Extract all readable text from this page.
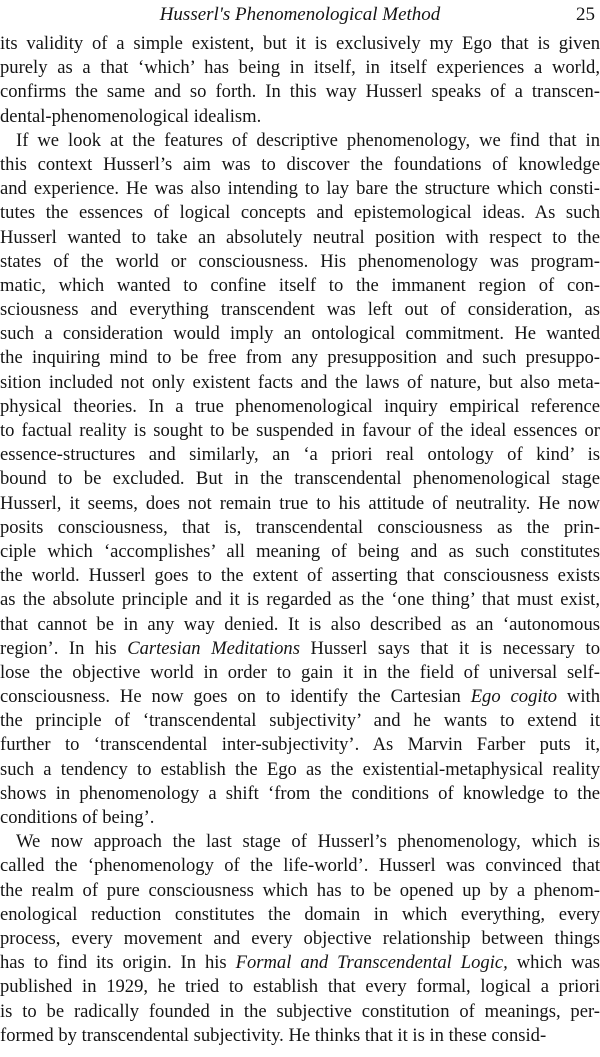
Husserl's Phenomenological Method	25
its validity of a simple existent, but it is exclusively my Ego that is given
purely as a that ‘which’ has being in itself, in itself experiences a world,
confirms the same and so forth. In this way Husserl speaks of a transcen-
dental-phenomenological idealism.
If we look at the features of descriptive phenomenology, we find that in
this context Husserl’s aim was to discover the foundations of knowledge
and experience. He was also intending to lay bare the structure which consti-
tutes the essences of logical concepts and epistemological ideas. As such
Husserl wanted to take an absolutely neutral position with respect to the
states of the world or consciousness. His phenomenology was program-
matic, which wanted to confine itself to the immanent region of con-
sciousness and everything transcendent was left out of consideration, as
such a consideration would imply an ontological commitment. He wanted
the inquiring mind to be free from any presupposition and such presuppo-
sition included not only existent facts and the laws of nature, but also meta-
physical theories. In a true phenomenological inquiry empirical reference
to factual reality is sought to be suspended in favour of the ideal essences or
essence-structures and similarly, an ‘a priori real ontology of kind’ is
bound to be excluded. But in the transcendental phenomenological stage
Husserl, it seems, does not remain true to his attitude of neutrality. He now
posits consciousness, that is, transcendental consciousness as the prin-
ciple which ‘accomplishes’ all meaning of being and as such constitutes
the world. Husserl goes to the extent of asserting that consciousness exists
as the absolute principle and it is regarded as the ‘one thing’ that must exist,
that cannot be in any way denied. It is also described as an ‘autonomous
region’. In his Cartesian Meditations Husserl says that it is necessary to
lose the objective world in order to gain it in the field of universal self-
consciousness. He now goes on to identify the Cartesian Ego cogito with
the principle of ‘transcendental subjectivity’ and he wants to extend it
further to ‘transcendental inter-subjectivity’. As Marvin Farber puts it,
such a tendency to establish the Ego as the existential-metaphysical reality
shows in phenomenology a shift ‘from the conditions of knowledge to the
conditions of being’.
We now approach the last stage of Husserl’s phenomenology, which is
called the ‘phenomenology of the life-world’. Husserl was convinced that
the realm of pure consciousness which has to be opened up by a phenom-
enological reduction constitutes the domain in which everything, every
process, every movement and every objective relationship between things
has to find its origin. In his Formal and Transcendental Logic, which was
published in 1929, he tried to establish that every formal, logical a priori
is to be radically founded in the subjective constitution of meanings, per-
formed by transcendental subjectivity. He thinks that it is in these consid-
